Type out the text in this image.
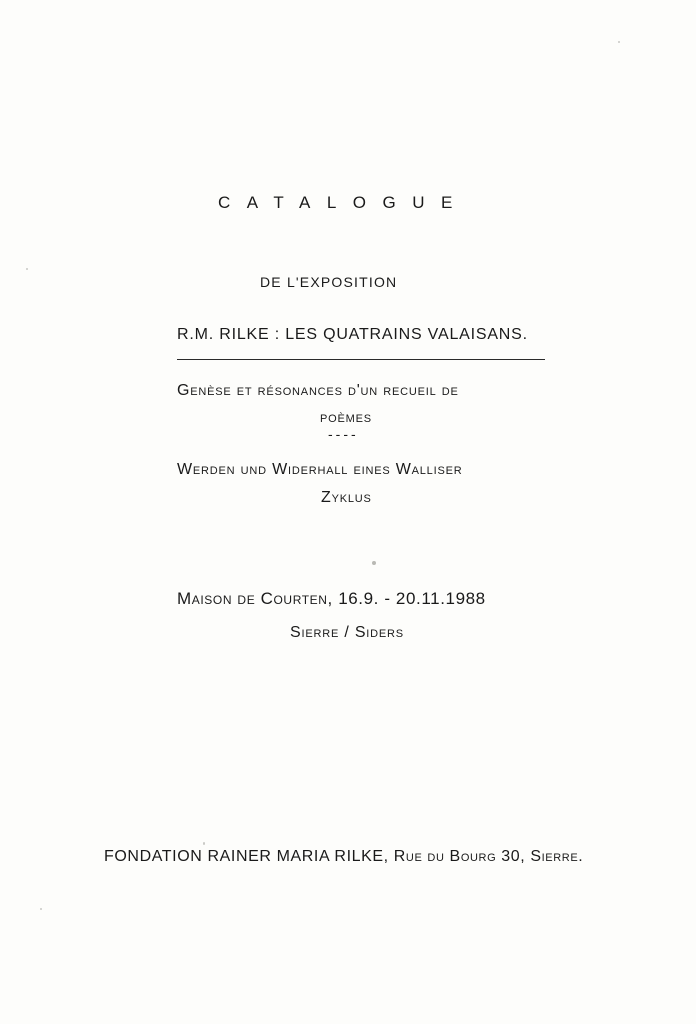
CATALOGUE
DE L'EXPOSITION
R.M. RILKE : LES QUATRAINS VALAISANS.
Genèse et résonances d'un recueil de
poèmes
----
Werden und Widerhall eines Walliser
Zyklus
Maison de Courten, 16.9. - 20.11.1988
Sierre / Siders
FONDATION RAINER MARIA RILKE, Rue du Bourg 30, Sierre.
